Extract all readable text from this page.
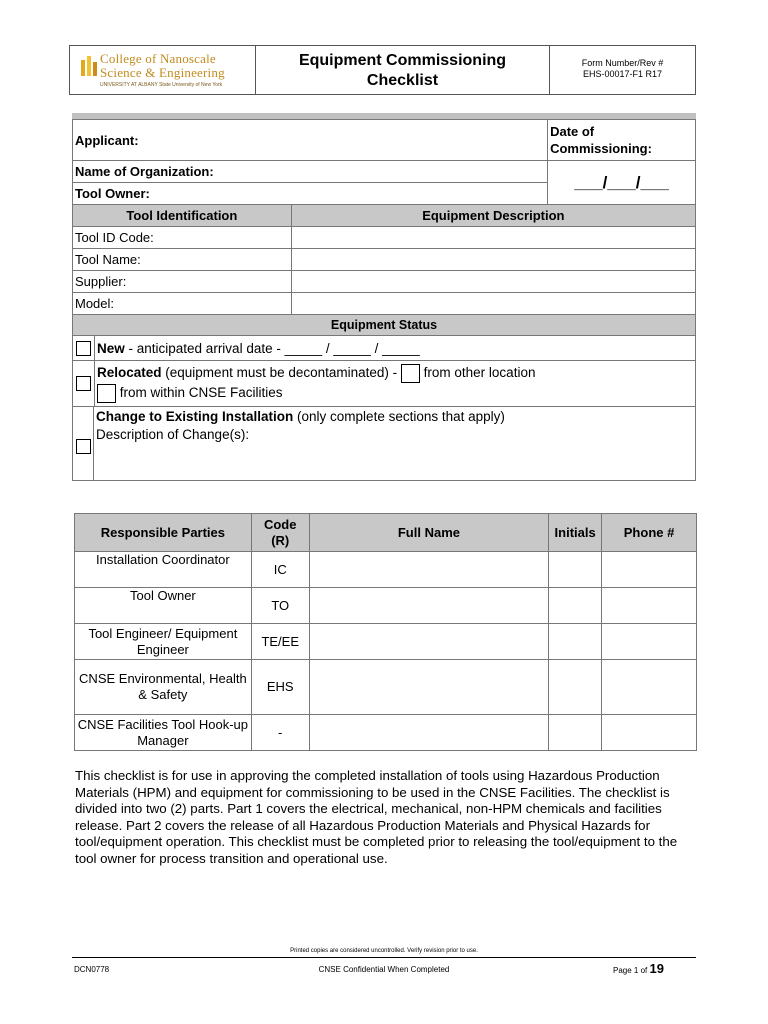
College of Nanoscale
Science & Engineering
UNIVERSITY AT ALBANY State University of New York
Equipment Commissioning
Checklist
Form Number/Rev #
EHS-00017-F1 R17
Applicant:		Date of
Commissioning:

Name of Organization:		___/___/___
Tool Owner:		
Tool Identification	Equipment Description	
Tool ID Code:		
Tool Name:		
Supplier:		
Model:		
Equipment Status		

New - anticipated arrival date - _____ / _____ / _____		

Relocated (equipment must be decontaminated) -  from other location
from within CNSE Facilities		

Change to Existing Installation (only complete sections that apply)
Description of Change(s):		
Responsible Parties	Code (R)	Full Name	Initials	Phone #
Installation Coordinator	IC			
Tool Owner	TO			
Tool Engineer/ Equipment Engineer	TE/EE			
CNSE Environmental, Health & Safety	EHS			
CNSE Facilities Tool Hook-up Manager	-			
This checklist is for use in approving the completed installation of tools using Hazardous Production Materials (HPM) and equipment for commissioning to be used in the CNSE Facilities. The checklist is divided into two (2) parts. Part 1 covers the electrical, mechanical, non-HPM chemicals and facilities release. Part 2 covers the release of all Hazardous Production Materials and Physical Hazards for tool/equipment operation. This checklist must be completed prior to releasing the tool/equipment to the tool owner for process transition and operational use.
Printed copies are considered uncontrolled. Verify revision prior to use.
DCN0778	CNSE Confidential When Completed	Page 1 of 19
